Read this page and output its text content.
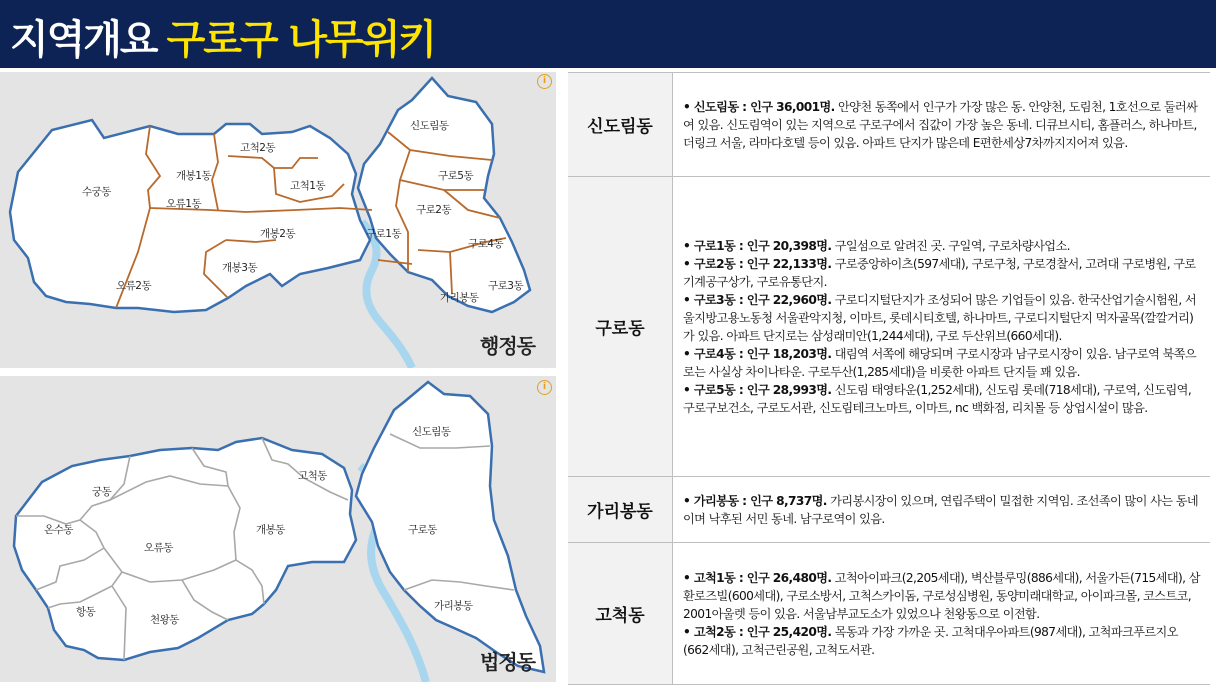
지역개요 구로구 나무위키
i
행정동
신도림동
고척2동
개봉1동
고척1동
구로5동
수궁동
오류1동	구로2동
구로1동
개봉2동
구로4동
개봉3동
오류2동	구로3동
가리봉동
i
법정동
신도림동
고척동
궁동
온수동	개봉동	구로동
오류동
항동
천왕동
가리봉동
신도림동	• 신도림동 : 인구 36,001명. 안양천 동쪽에서 인구가 가장 많은 동. 안양천, 도림천, 1호선으로 둘러싸여 있음. 신도림역이 있는 지역으로 구로구에서 집값이 가장 높은 동네. 디큐브시티, 홈플러스, 하나마트, 더링크 서울, 라마다호텔 등이 있음. 아파트 단지가 많은데 E편한세상7차까지지어져 있음.

구로동	• 구로1동 : 인구 20,398명. 구일섬으로 알려진 곳. 구일역, 구로차량사업소.

• 구로2동 : 인구 22,133명. 구로중앙하이츠(597세대), 구로구청, 구로경찰서, 고려대 구로병원, 구로기계공구상가, 구로유통단지.

• 구로3동 : 인구 22,960명. 구로디지털단지가 조성되어 많은 기업들이 있음. 한국산업기술시험원, 서울지방고용노동청 서울관악지청, 이마트, 롯데시티호텔, 하나마트, 구로디지털단지 먹자골목(깔깔거리)가 있음. 아파트 단지로는 삼성래미안(1,244세대), 구로 두산위브(660세대).

• 구로4동 : 인구 18,203명. 대림역 서쪽에 해당되며 구로시장과 남구로시장이 있음. 남구로역 북쪽으로는 사실상 차이나타운. 구로두산(1,285세대)을 비롯한 아파트 단지들 꽤 있음.

• 구로5동 : 인구 28,993명. 신도림 태영타운(1,252세대), 신도림 롯데(718세대), 구로역, 신도림역, 구로구보건소, 구로도서관, 신도림테크노마트, 이마트, nc 백화점, 리치몰 등 상업시설이 많음.

가리봉동	• 가리봉동 : 인구 8,737명. 가리봉시장이 있으며, 연립주택이 밀접한 지역임. 조선족이 많이 사는 동네이며 낙후된 서민 동네. 남구로역이 있음.

고척동	• 고척1동 : 인구 26,480명. 고척아이파크(2,205세대), 벽산블루밍(886세대), 서울가든(715세대), 삼환로즈빌(600세대), 구로소방서, 고척스카이돔, 구로성심병원, 동양미래대학교, 아이파크몰, 코스트코, 2001아울렛 등이 있음. 서울남부교도소가 있었으나 천왕동으로 이전함.

• 고척2동 : 인구 25,420명. 목동과 가장 가까운 곳. 고척대우아파트(987세대), 고척파크푸르지오(662세대), 고척근린공원, 고척도서관.
